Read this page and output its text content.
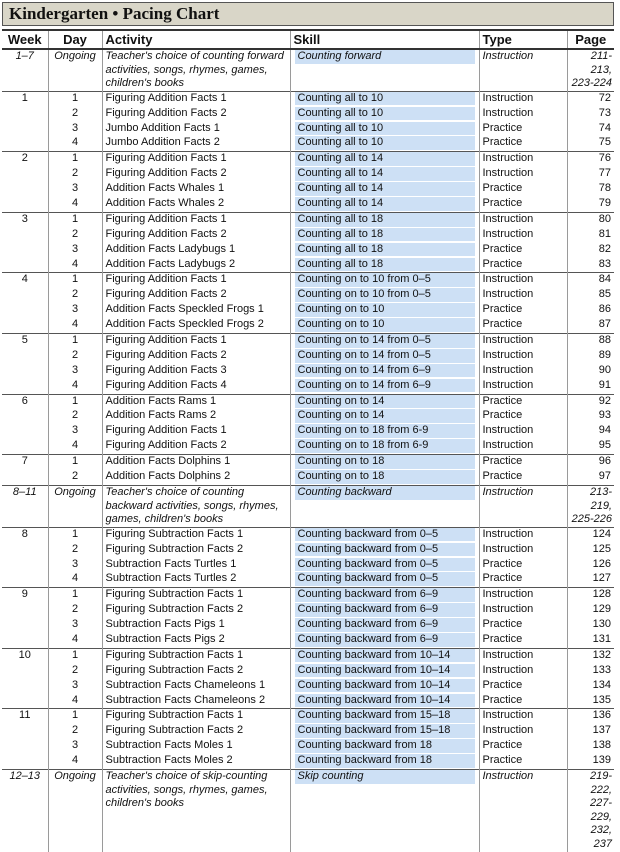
Kindergarten • Pacing Chart
Week	Day	Activity	Skill	Type	Page
1–7	Ongoing	Teacher's choice of counting forward activities, songs, rhymes, games, children's books	Counting forward	Instruction	211-213, 223-224
1	1	Figuring Addition Facts 1	Counting all to 10	Instruction	72
	2	Figuring Addition Facts 2	Counting all to 10	Instruction	73
	3	Jumbo Addition Facts 1	Counting all to 10	Practice	74
	4	Jumbo Addition Facts 2	Counting all to 10	Practice	75
2	1	Figuring Addition Facts 1	Counting all to 14	Instruction	76
	2	Figuring Addition Facts 2	Counting all to 14	Instruction	77
	3	Addition Facts Whales 1	Counting all to 14	Practice	78
	4	Addition Facts Whales 2	Counting all to 14	Practice	79
3	1	Figuring Addition Facts 1	Counting all to 18	Instruction	80
	2	Figuring Addition Facts 2	Counting all to 18	Instruction	81
	3	Addition Facts Ladybugs 1	Counting all to 18	Practice	82
	4	Addition Facts Ladybugs 2	Counting all to 18	Practice	83
4	1	Figuring Addition Facts 1	Counting on to 10 from 0–5	Instruction	84
	2	Figuring Addition Facts 2	Counting on to 10 from 0–5	Instruction	85
	3	Addition Facts Speckled Frogs 1	Counting on to 10	Practice	86
	4	Addition Facts Speckled Frogs 2	Counting on to 10	Practice	87
5	1	Figuring Addition Facts 1	Counting on to 14 from 0–5	Instruction	88
	2	Figuring Addition Facts 2	Counting on to 14 from 0–5	Instruction	89
	3	Figuring Addition Facts 3	Counting on to 14 from 6–9	Instruction	90
	4	Figuring Addition Facts 4	Counting on to 14 from 6–9	Instruction	91
6	1	Addition Facts Rams 1	Counting on to 14	Practice	92
	2	Addition Facts Rams 2	Counting on to 14	Practice	93
	3	Figuring Addition Facts 1	Counting on to 18 from 6-9	Instruction	94
	4	Figuring Addition Facts 2	Counting on to 18 from 6-9	Instruction	95
7	1	Addition Facts Dolphins 1	Counting on to 18	Practice	96
	2	Addition Facts Dolphins 2	Counting on to 18	Practice	97
8–11	Ongoing	Teacher's choice of counting backward activities, songs, rhymes, games, children's books	Counting backward	Instruction	213-219, 225-226
8	1	Figuring Subtraction Facts 1	Counting backward from 0–5	Instruction	124
	2	Figuring Subtraction Facts 2	Counting backward from 0–5	Instruction	125
	3	Subtraction Facts Turtles 1	Counting backward from 0–5	Practice	126
	4	Subtraction Facts Turtles 2	Counting backward from 0–5	Practice	127
9	1	Figuring Subtraction Facts 1	Counting backward from 6–9	Instruction	128
	2	Figuring Subtraction Facts 2	Counting backward from 6–9	Instruction	129
	3	Subtraction Facts Pigs 1	Counting backward from 6–9	Practice	130
	4	Subtraction Facts Pigs 2	Counting backward from 6–9	Practice	131
10	1	Figuring Subtraction Facts 1	Counting backward from 10–14	Instruction	132
	2	Figuring Subtraction Facts 2	Counting backward from 10–14	Instruction	133
	3	Subtraction Facts Chameleons 1	Counting backward from 10–14	Practice	134
	4	Subtraction Facts Chameleons 2	Counting backward from 10–14	Practice	135
11	1	Figuring Subtraction Facts 1	Counting backward from 15–18	Instruction	136
	2	Figuring Subtraction Facts 2	Counting backward from 15–18	Instruction	137
	3	Subtraction Facts Moles 1	Counting backward from 18	Practice	138
	4	Subtraction Facts Moles 2	Counting backward from 18	Practice	139
12–13	Ongoing	Teacher's choice of skip-counting activities, songs, rhymes, games, children's books	Skip counting	Instruction	219-222, 227-229, 232, 237
